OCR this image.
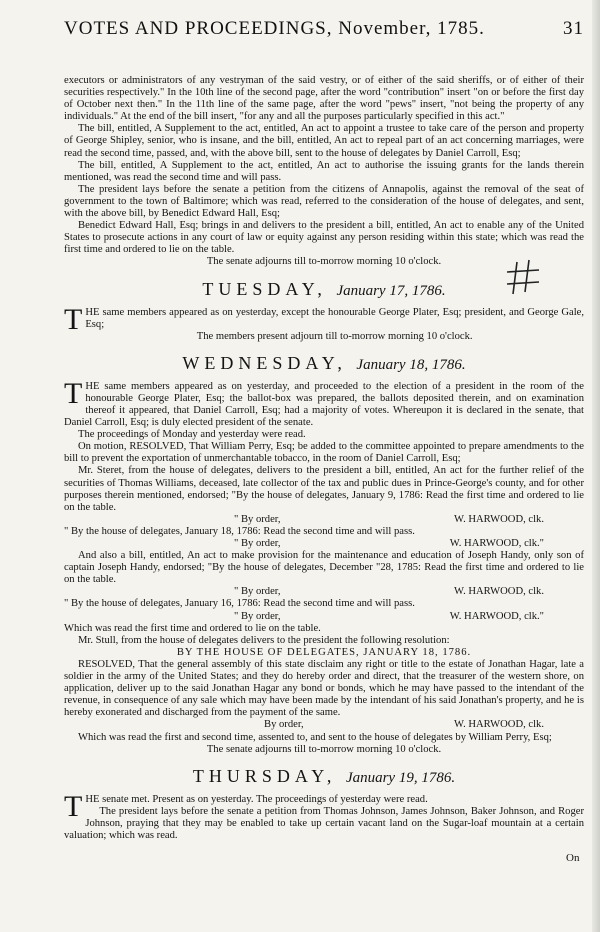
VOTES AND PROCEEDINGS, November, 1785.	31

executors or administrators of any vestryman of the said vestry, or of either of the said sheriffs, or of either of their securities respectively." In the 10th line of the second page, after the word "contribution" insert "on or before the first day of October next then." In the 11th line of the same page, after the word "pews" insert, "not being the property of any individuals." At the end of the bill insert, "for any and all the purposes particularly specified in this act."

The bill, entitled, A Supplement to the act, entitled, An act to appoint a trustee to take care of the person and property of George Shipley, senior, who is insane, and the bill, entitled, An act to repeal part of an act concerning marriages, were read the second time, passed, and, with the above bill, sent to the house of delegates by Daniel Carroll, Esq;

The bill, entitled, A Supplement to the act, entitled, An act to authorise the issuing grants for the lands therein mentioned, was read the second time and will pass.

The president lays before the senate a petition from the citizens of Annapolis, against the removal of the seat of government to the town of Baltimore; which was read, referred to the consideration of the house of delegates, and sent, with the above bill, by Benedict Edward Hall, Esq;

Benedict Edward Hall, Esq; brings in and delivers to the president a bill, entitled, An act to enable any of the United States to prosecute actions in any court of law or equity against any person residing within this state; which was read the first time and ordered to lie on the table.

The senate adjourns till to-morrow morning 10 o'clock.

TUESDAY, January 17, 1786.

THE same members appeared as on yesterday, except the honourable George Plater, Esq; president, and George Gale, Esq;

The members present adjourn till to-morrow morning 10 o'clock.

WEDNESDAY, January 18, 1786.

THE same members appeared as on yesterday, and proceeded to the election of a president in the room of the honourable George Plater, Esq; the ballot-box was prepared, the ballots deposited therein, and on examination thereof it appeared, that Daniel Carroll, Esq; had a majority of votes. Whereupon it is declared in the senate, that Daniel Carroll, Esq; is duly elected president of the senate.

The proceedings of Monday and yesterday were read.

On motion, RESOLVED, That William Perry, Esq; be added to the committee appointed to prepare amendments to the bill to prevent the exportation of unmerchantable tobacco, in the room of Daniel Carroll, Esq;

Mr. Steret, from the house of delegates, delivers to the president a bill, entitled, An act for the further relief of the securities of Thomas Williams, deceased, late collector of the tax and public dues in Prince-George's county, and for other purposes therein mentioned, endorsed; "By the house of delegates, January 9, 1786: Read the first time and ordered to lie on the table.

" By order,	W. HARWOOD, clk.

" By the house of delegates, January 18, 1786: Read the second time and will pass.

" By order,	W. HARWOOD, clk."

And also a bill, entitled, An act to make provision for the maintenance and education of Joseph Handy, only son of captain Joseph Handy, endorsed; "By the house of delegates, December "28, 1785: Read the first time and ordered to lie on the table.

" By order,	W. HARWOOD, clk.

" By the house of delegates, January 16, 1786: Read the second time and will pass.

" By order,	W. HARWOOD, clk."

Which was read the first time and ordered to lie on the table.

Mr. Stull, from the house of delegates delivers to the president the following resolution:

BY THE HOUSE OF DELEGATES, JANUARY 18, 1786.

RESOLVED, That the general assembly of this state disclaim any right or title to the estate of Jonathan Hagar, late a soldier in the army of the United States; and they do hereby order and direct, that the treasurer of the western shore, on application, deliver up to the said Jonathan Hagar any bond or bonds, which he may have passed to the intendant of the revenue, in consequence of any sale which may have been made by the intendant of his said Jonathan's property, and he is hereby exonerated and discharged from the payment of the same.

By order,	W. HARWOOD, clk.

Which was read the first and second time, assented to, and sent to the house of delegates by William Perry, Esq;

The senate adjourns till to-morrow morning 10 o'clock.

THURSDAY, January 19, 1786.

THE senate met. Present as on yesterday. The proceedings of yesterday were read.

The president lays before the senate a petition from Thomas Johnson, James Johnson, Baker Johnson, and Roger Johnson, praying that they may be enabled to take up certain vacant land on the Sugar-loaf mountain at a certain valuation; which was read.

On
